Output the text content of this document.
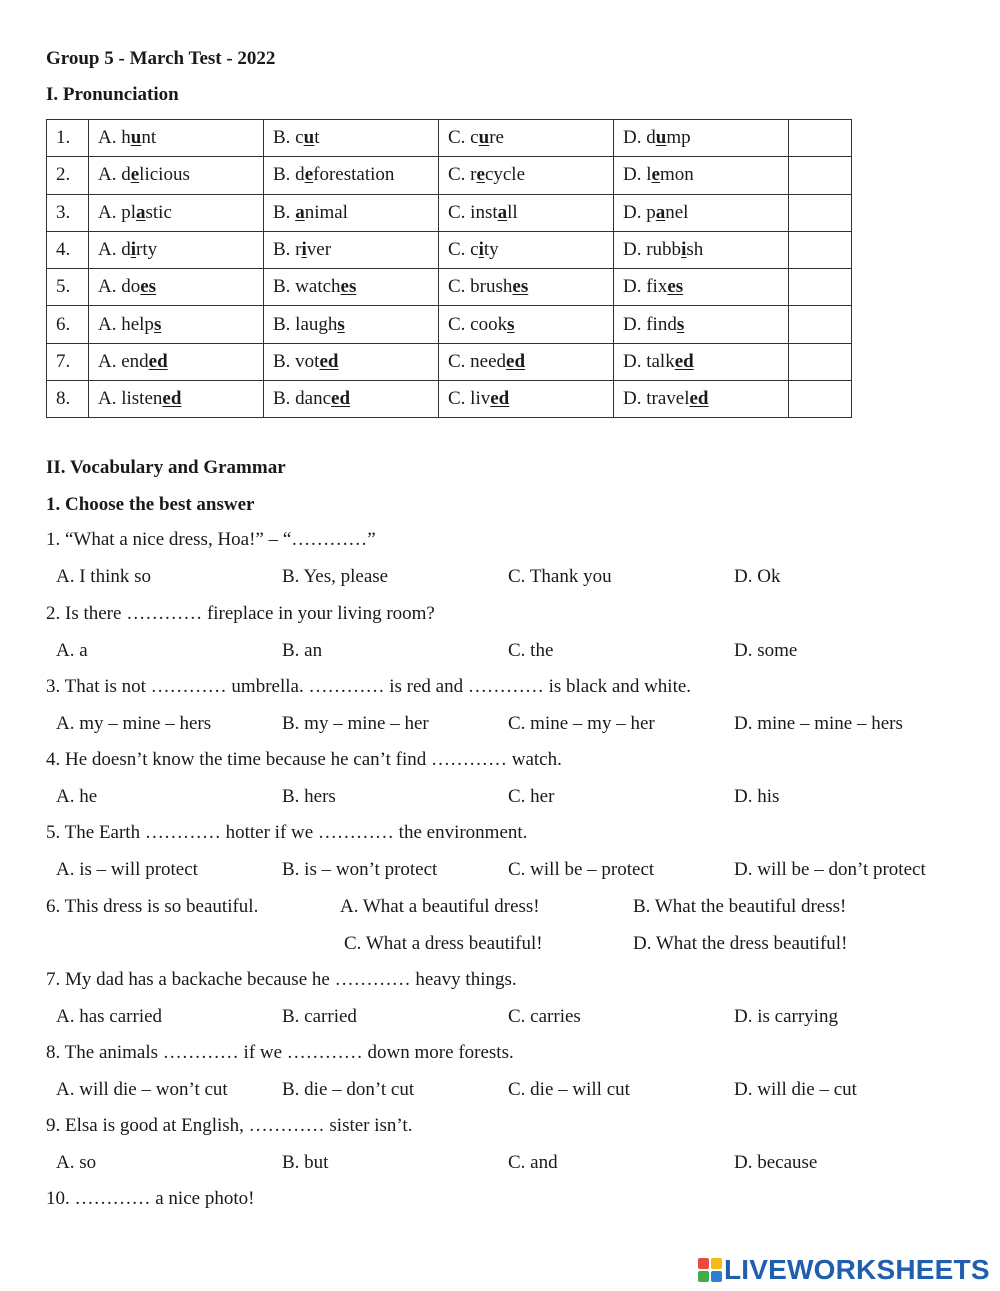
Group 5 - March Test - 2022
I. Pronunciation
1.	A. hunt	B. cut	C. cure	D. dump	
2.	A. delicious	B. deforestation	C. recycle	D. lemon	
3.	A. plastic	B. animal	C. install	D. panel	
4.	A. dirty	B. river	C. city	D. rubbish	
5.	A. does	B. watches	C. brushes	D. fixes	
6.	A. helps	B. laughs	C. cooks	D. finds	
7.	A. ended	B. voted	C. needed	D. talked	
8.	A. listened	B. danced	C. lived	D. traveled	
II. Vocabulary and Grammar
1. Choose the best answer
1. “What a nice dress, Hoa!” – “…………”
A. I think so	B. Yes, please	C. Thank you	D. Ok
2. Is there ………… fireplace in your living room?
A. a	B. an	C. the	D. some
3. That is not ………… umbrella. ………… is red and ………… is black and white.
A. my – mine – hers	B. my – mine – her	C. mine – my – her	D. mine – mine – hers
4. He doesn’t know the time because he can’t find ………… watch.
A. he	B. hers	C. her	D. his
5. The Earth ………… hotter if we ………… the environment.
A. is – will protect	B. is – won’t protect	C. will be – protect	D. will be – don’t protect
6. This dress is so beautiful.	A. What a beautiful dress!	B. What the beautiful dress!
C. What a dress beautiful!	D. What the dress beautiful!
7. My dad has a backache because he ………… heavy things.
A. has carried	B. carried	C. carries	D. is carrying
8. The animals ………… if we ………… down more forests.
A. will die – won’t cut	B. die – don’t cut	C. die – will cut	D. will die – cut
9. Elsa is good at English, ………… sister isn’t.
A. so	B. but	C. and	D. because
10. ………… a nice photo!
LIVEWORKSHEETS
